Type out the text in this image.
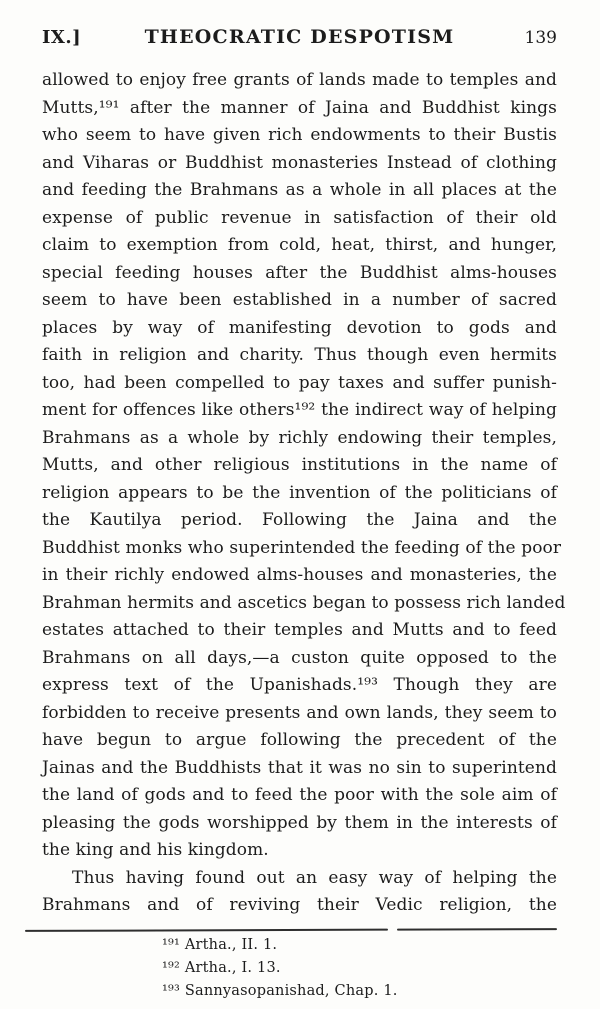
IX.]	THEOCRATIC DESPOTISM	139
allowed to enjoy free grants of lands made to temples and
Mutts,¹⁹¹ after the manner of Jaina and Buddhist kings
who seem to have given rich endowments to their Bustis
and Viharas or Buddhist monasteries Instead of clothing
and feeding the Brahmans as a whole in all places at the
expense of public revenue in satisfaction of their old
claim to exemption from cold, heat, thirst, and hunger,
special feeding houses after the Buddhist alms-houses
seem to have been established in a number of sacred
places by way of manifesting devotion to gods and
faith in religion and charity. Thus though even hermits
too, had been compelled to pay taxes and suffer punish-
ment for offences like others¹⁹² the indirect way of helping
Brahmans as a whole by richly endowing their temples,
Mutts, and other religious institutions in the name of
religion appears to be the invention of the politicians of
the Kautilya period. Following the Jaina and the
Buddhist monks who superintended the feeding of the poor
in their richly endowed alms-houses and monasteries, the
Brahman hermits and ascetics began to possess rich landed
estates attached to their temples and Mutts and to feed
Brahmans on all days,—a custon quite opposed to the
express text of the Upanishads.¹⁹³ Though they are
forbidden to receive presents and own lands, they seem to
have begun to argue following the precedent of the
Jainas and the Buddhists that it was no sin to superintend
the land of gods and to feed the poor with the sole aim of
pleasing the gods worshipped by them in the interests of
the king and his kingdom.
Thus having found out an easy way of helping the
Brahmans and of reviving their Vedic religion, the
¹⁹¹ Artha., II. 1.
¹⁹² Artha., I. 13.
¹⁹³ Sannyasopanishad, Chap. 1.
